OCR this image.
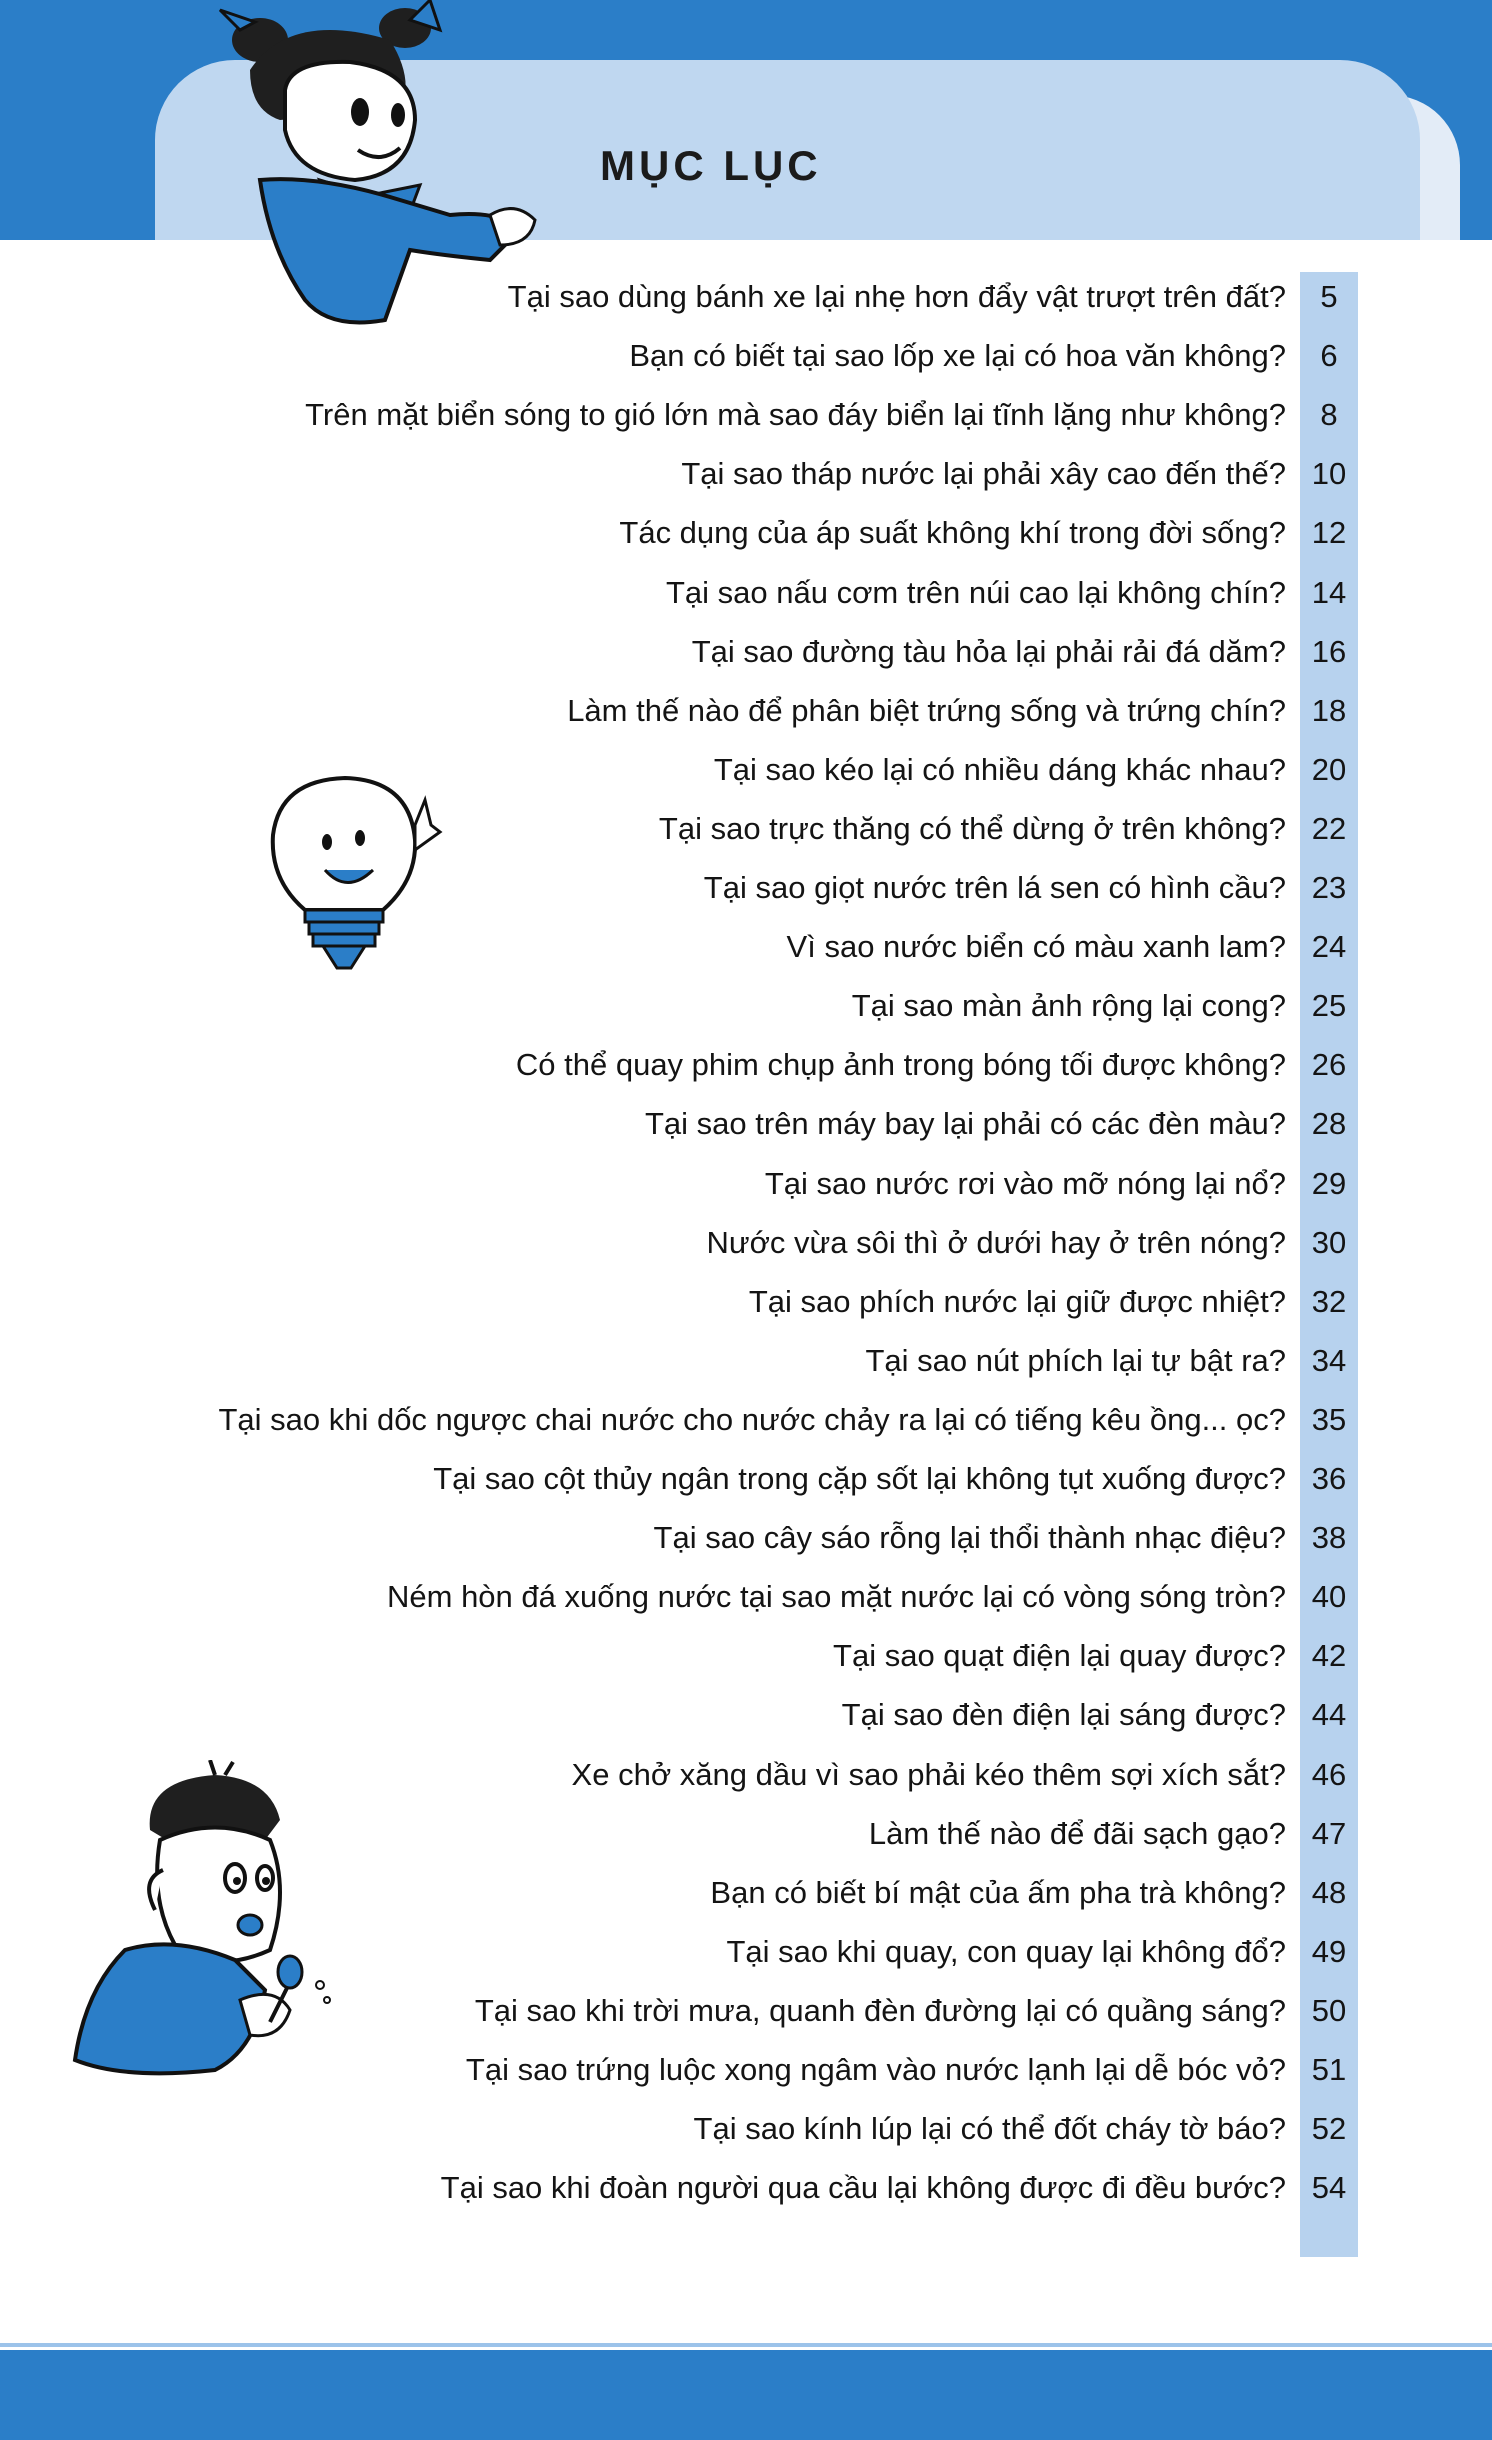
MỤC LỤC
Tại sao dùng bánh xe lại nhẹ hơn đẩy vật trượt trên đất?	5
Bạn có biết tại sao lốp xe lại có hoa văn không?	6
Trên mặt biển sóng to gió lớn mà sao đáy biển lại tĩnh lặng như không?	8
Tại sao tháp nước lại phải xây cao đến thế? 10
Tác dụng của áp suất không khí trong đời sống? 12
Tại sao nấu cơm trên núi cao lại không chín? 14
Tại sao đường tàu hỏa lại phải rải đá dăm? 16
Làm thế nào để phân biệt trứng sống và trứng chín? 18
Tại sao kéo lại có nhiều dáng khác nhau? 20
Tại sao trực thăng có thể dừng ở trên không? 22
Tại sao giọt nước trên lá sen có hình cầu? 23
Vì sao nước biển có màu xanh lam? 24
Tại sao màn ảnh rộng lại cong? 25
Có thể quay phim chụp ảnh trong bóng tối được không? 26
Tại sao trên máy bay lại phải có các đèn màu? 28
Tại sao nước rơi vào mỡ nóng lại nổ? 29
Nước vừa sôi thì ở dưới hay ở trên nóng? 30
Tại sao phích nước lại giữ được nhiệt? 32
Tại sao nút phích lại tự bật ra? 34
Tại sao khi dốc ngược chai nước cho nước chảy ra lại có tiếng kêu ồng... ọc? 35
Tại sao cột thủy ngân trong cặp sốt lại không tụt xuống được? 36
Tại sao cây sáo rỗng lại thổi thành nhạc điệu? 38
Ném hòn đá xuống nước tại sao mặt nước lại có vòng sóng tròn? 40
Tại sao quạt điện lại quay được? 42
Tại sao đèn điện lại sáng được? 44
Xe chở xăng dầu vì sao phải kéo thêm sợi xích sắt? 46
Làm thế nào để đãi sạch gạo? 47
Bạn có biết bí mật của ấm pha trà không? 48
Tại sao khi quay, con quay lại không đổ? 49
Tại sao khi trời mưa, quanh đèn đường lại có quầng sáng? 50
Tại sao trứng luộc xong ngâm vào nước lạnh lại dễ bóc vỏ? 51
Tại sao kính lúp lại có thể đốt cháy tờ báo? 52
Tại sao khi đoàn người qua cầu lại không được đi đều bước? 54
